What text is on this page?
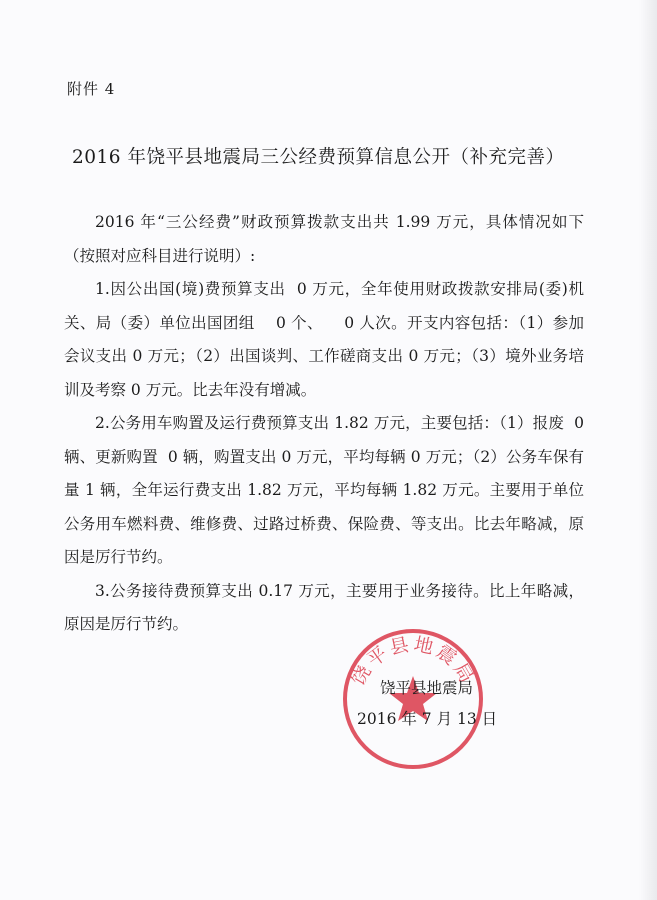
附件 4
2016 年饶平县地震局三公经费预算信息公开（补充完善）

2016 年“三公经费”财政预算拨款支出共 1.99 万元，具体情况如下（按照对应科目进行说明）:

1.因公出国(境)费预算支出  0 万元，全年使用财政拨款安排局(委)机关、局（委）单位出国团组    0 个、    0 人次。开支内容包括：（1）参加会议支出 0 万元；（2）出国谈判、工作磋商支出 0 万元；（3）境外业务培训及考察 0 万元。比去年没有增减。

2.公务用车购置及运行费预算支出 1.82 万元，主要包括：（1）报废  0 辆、更新购置  0 辆，购置支出 0 万元，平均每辆 0 万元；（2）公务车保有量 1 辆，全年运行费支出 1.82 万元，平均每辆 1.82 万元。主要用于单位公务用车燃料费、维修费、过路过桥费、保险费、等支出。比去年略减，原因是厉行节约。

3.公务接待费预算支出 0.17 万元，主要用于业务接待。比上年略减，原因是厉行节约。

饶平县地震局
饶平县地震局
2016 年 7 月 13 日
